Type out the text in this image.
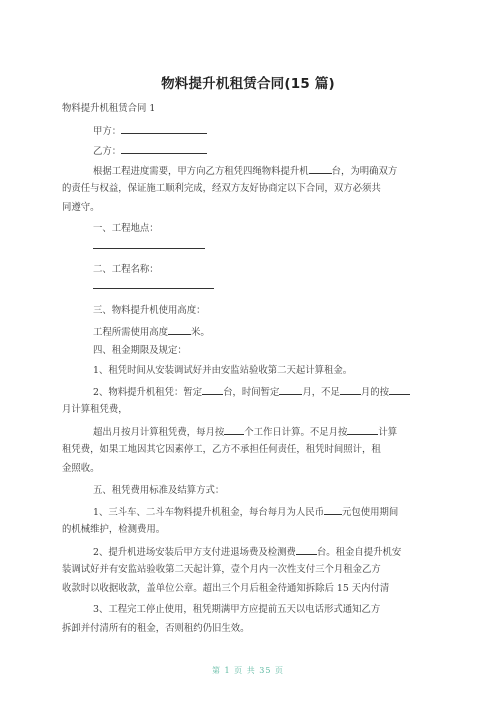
物料提升机租赁合同(15 篇)
物料提升机租赁合同 1
甲方：
乙方：
根据工程进度需要，甲方向乙方租凭四绳物料提升机 台，为明确双方
的责任与权益，保证施工顺利完成，经双方友好协商定以下合同，双方必须共
同遵守。
一、工程地点：
二、工程名称：
三、物料提升机使用高度：
工程所需使用高度 米。
四、租金期限及规定：
1、租凭时间从安装调试好并由安监站验收第二天起计算租金。
2、物料提升机租凭：暂定 台，时间暂定 月，不足 月的按
月计算租凭费，
超出月按月计算租凭费，每月按 个工作日计算。不足月按	计算
租凭费，如果工地因其它因素停工，乙方不承担任何责任，租凭时间照计，租
金照收。
五、租凭费用标准及结算方式：
1、三斗车、二斗车物料提升机租金，每台每月为人民币 元包使用期间
的机械维护，检测费用。
2、提升机进场安装后甲方支付进退场费及检测费 台。租金自提升机安
装调试好并有安监站验收第二天起计算，壹个月内一次性支付三个月租金乙方
收款时以收据收款，盖单位公章。超出三个月后租金待通知拆除后 15 天内付清
3、工程完工停止使用，租凭期满甲方应提前五天以电话形式通知乙方
拆卸并付清所有的租金，否则租约仍旧生效。
第 1 页 共 35 页
